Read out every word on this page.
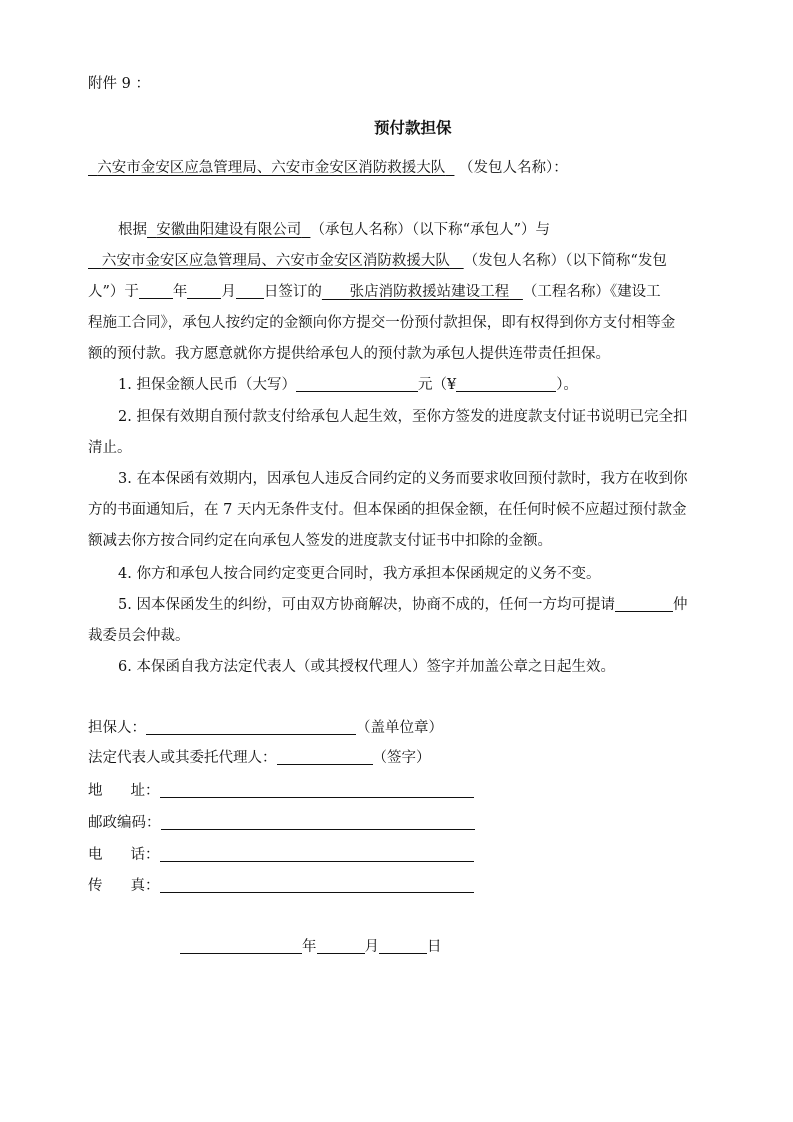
附件 9 ：
预付款担保
六安市金安区应急管理局、六安市金安区消防救援大队 （发包人名称）：
根据 安徽曲阳建设有限公司 （承包人名称）（以下称“承包人”）与
六安市金安区应急管理局、六安市金安区消防救援大队 （发包人名称）（以下简称“发包
人”）于 年 月 日签订的 张店消防救援站建设工程 （工程名称）《建设工
程施工合同》，承包人按约定的金额向你方提交一份预付款担保，即有权得到你方支付相等金
额的预付款。我方愿意就你方提供给承包人的预付款为承包人提供连带责任担保。
1. 担保金额人民币（大写）	元（¥	）。
2. 担保有效期自预付款支付给承包人起生效，至你方签发的进度款支付证书说明已完全扣
清止。
3. 在本保函有效期内，因承包人违反合同约定的义务而要求收回预付款时，我方在收到你
方的书面通知后，在 7 天内无条件支付。但本保函的担保金额，在任何时候不应超过预付款金
额减去你方按合同约定在向承包人签发的进度款支付证书中扣除的金额。
4. 你方和承包人按合同约定变更合同时，我方承担本保函规定的义务不变。
5. 因本保函发生的纠纷，可由双方协商解决，协商不成的，任何一方均可提请	仲
裁委员会仲裁。
6. 本保函自我方法定代表人（或其授权代理人）签字并加盖公章之日起生效。
担保人：	（盖单位章）
法定代表人或其委托代理人：	（签字）
地 址：
邮政编码：
电 话：
传 真：
年	月	日
